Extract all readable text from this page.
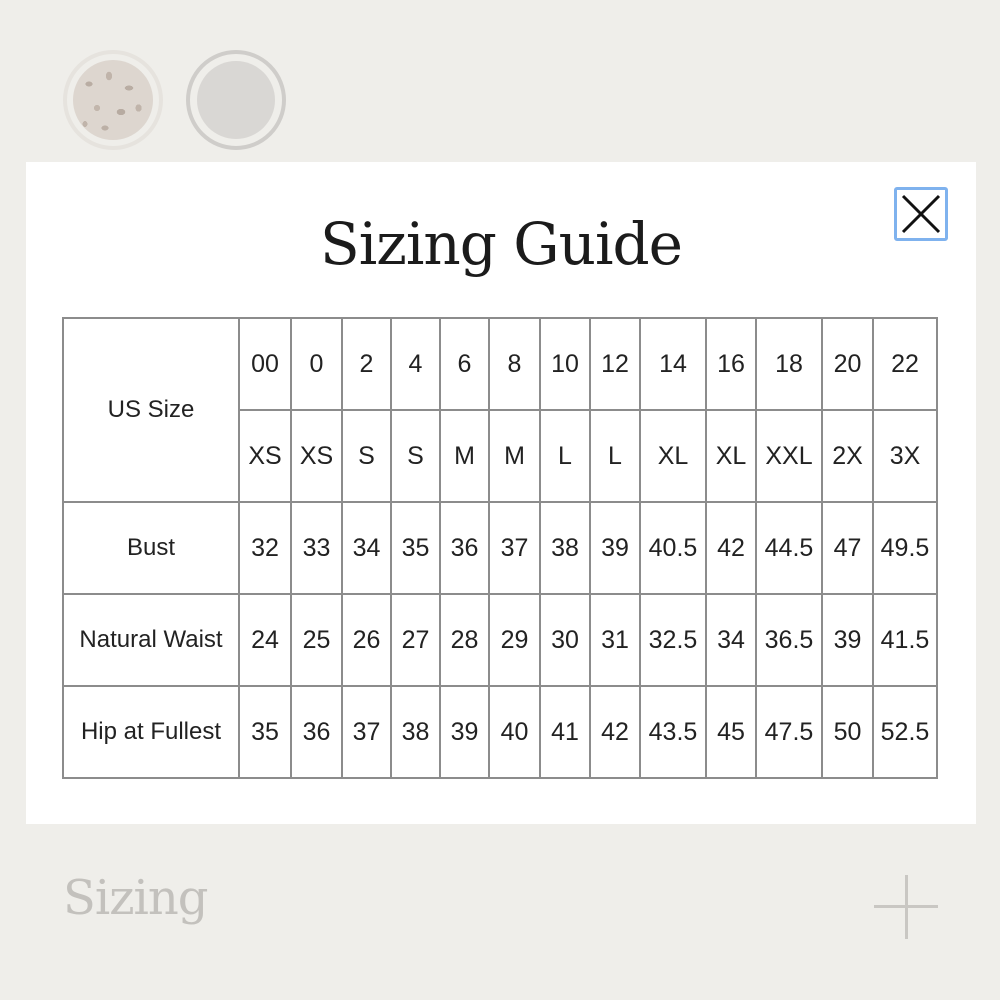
Sizing Guide
US Size	00	0	2	4	6	8	10	12	14	16	18	20	22
	XS	XS	S	S	M	M	L	L	XL	XL	XXL	2X	3X
Bust	32	33	34	35	36	37	38	39	40.5	42	44.5	47	49.5
Natural Waist	24	25	26	27	28	29	30	31	32.5	34	36.5	39	41.5
Hip at Fullest	35	36	37	38	39	40	41	42	43.5	45	47.5	50	52.5
Sizing
